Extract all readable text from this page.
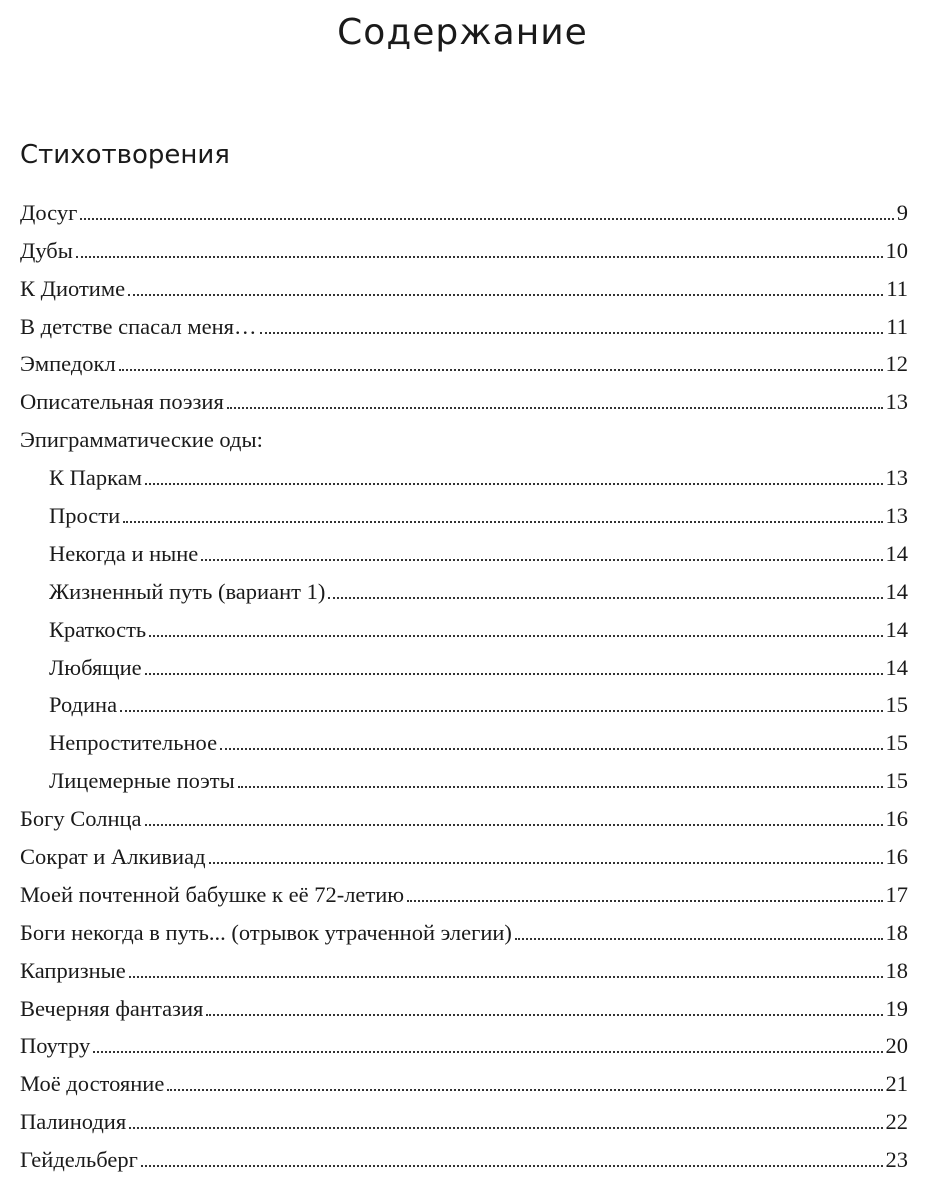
Содержание
Стихотворения
Досуг	9
Дубы	10
К Диотиме	11
В детстве спасал меня…	11
Эмпедокл	12
Описательная поэзия	13
Эпиграмматические оды:
К Паркам	13
Прости	13
Некогда и ныне	14
Жизненный путь (вариант 1)	14
Краткость	14
Любящие	14
Родина	15
Непростительное	15
Лицемерные поэты	15
Богу Солнца	16
Сократ и Алкивиад	16
Моей почтенной бабушке к её 72-летию	17
Боги некогда в путь... (отрывок утраченной элегии)	18
Капризные	18
Вечерняя фантазия	19
Поутру	20
Моё достояние	21
Палинодия	22
Гейдельберг	23
